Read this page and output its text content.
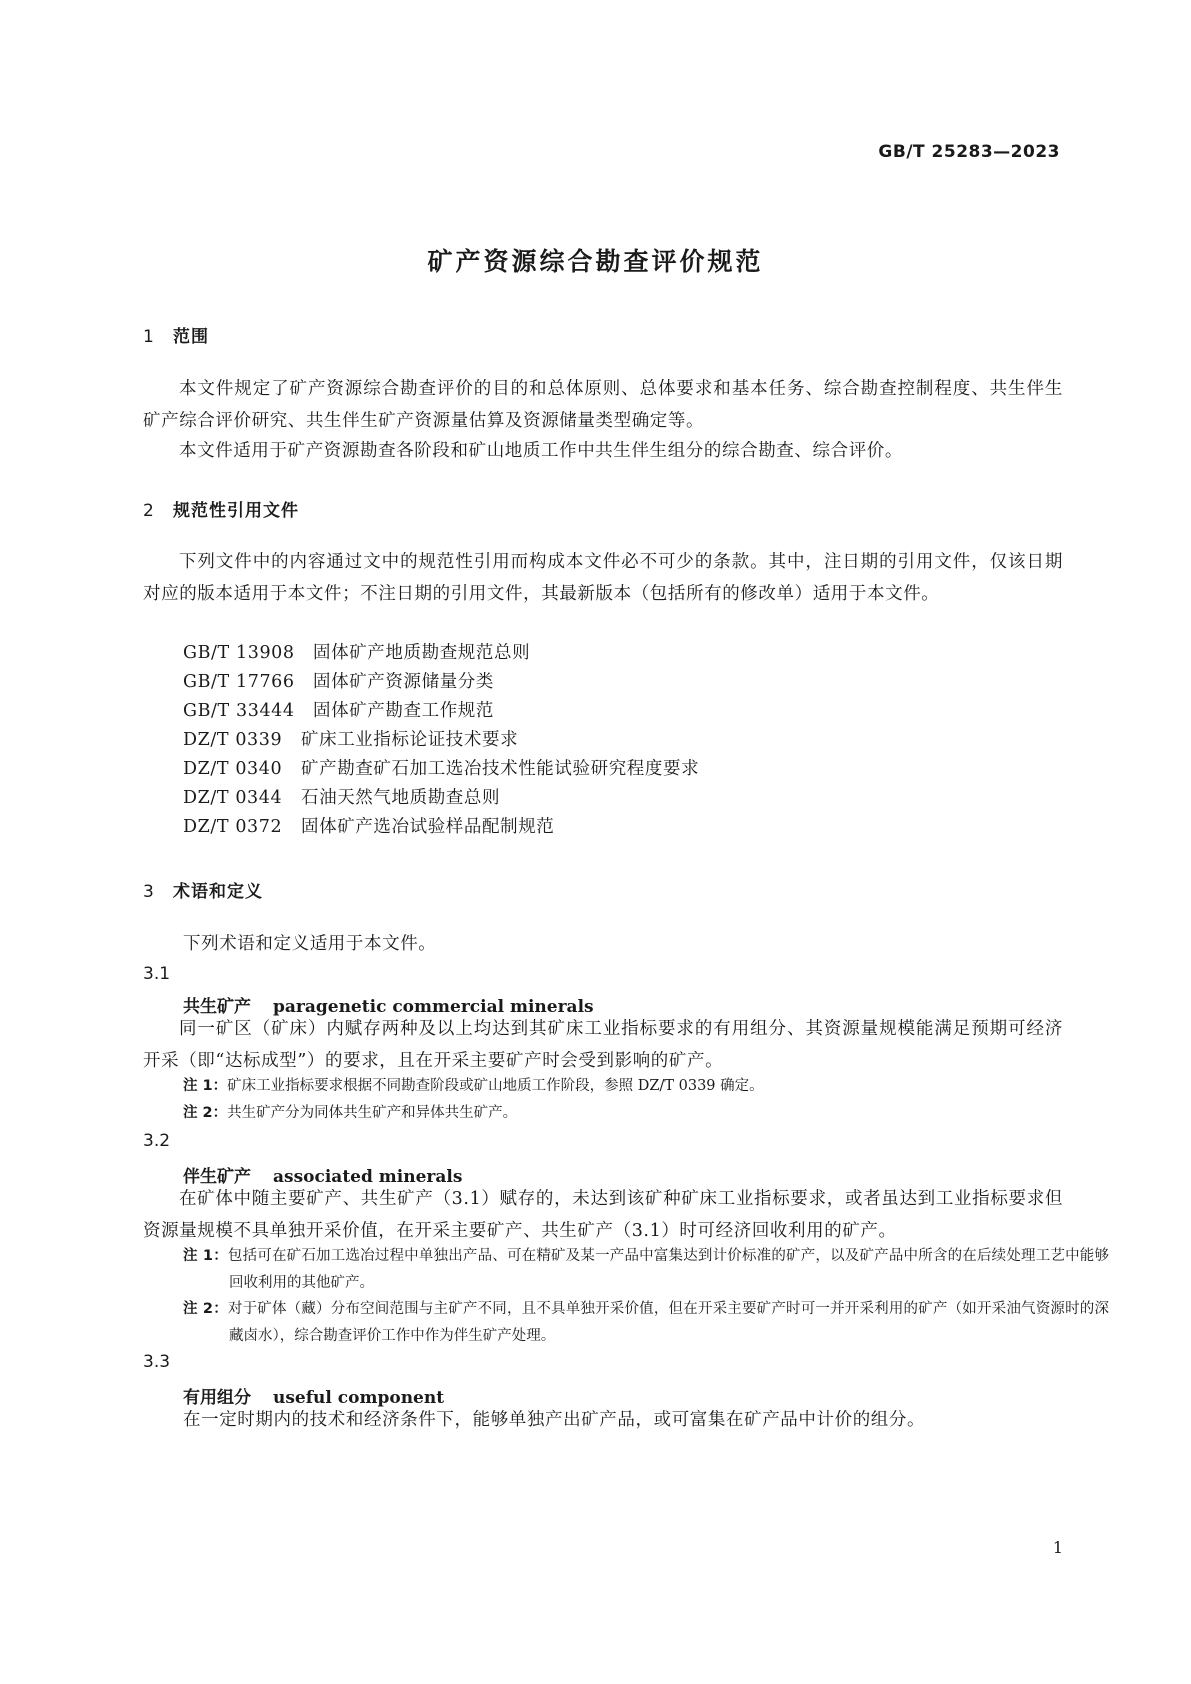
GB/T 25283—2023
矿产资源综合勘查评价规范
1 范围
本文件规定了矿产资源综合勘查评价的目的和总体原则、总体要求和基本任务、综合勘查控制程度、共生伴生矿产综合评价研究、共生伴生矿产资源量估算及资源储量类型确定等。
本文件适用于矿产资源勘查各阶段和矿山地质工作中共生伴生组分的综合勘查、综合评价。
2 规范性引用文件
下列文件中的内容通过文中的规范性引用而构成本文件必不可少的条款。其中，注日期的引用文件，仅该日期对应的版本适用于本文件；不注日期的引用文件，其最新版本（包括所有的修改单）适用于本文件。
GB/T 13908 固体矿产地质勘查规范总则
GB/T 17766 固体矿产资源储量分类
GB/T 33444 固体矿产勘查工作规范
DZ/T 0339 矿床工业指标论证技术要求
DZ/T 0340 矿产勘查矿石加工选冶技术性能试验研究程度要求
DZ/T 0344 石油天然气地质勘查总则
DZ/T 0372 固体矿产选冶试验样品配制规范
3 术语和定义
下列术语和定义适用于本文件。
3.1
共生矿产 paragenetic commercial minerals
同一矿区（矿床）内赋存两种及以上均达到其矿床工业指标要求的有用组分、其资源量规模能满足预期可经济开采（即“达标成型”）的要求，且在开采主要矿产时会受到影响的矿产。
注 1：矿床工业指标要求根据不同勘查阶段或矿山地质工作阶段，参照 DZ/T 0339 确定。
注 2：共生矿产分为同体共生矿产和异体共生矿产。
3.2
伴生矿产 associated minerals
在矿体中随主要矿产、共生矿产（3.1）赋存的，未达到该矿种矿床工业指标要求，或者虽达到工业指标要求但资源量规模不具单独开采价值，在开采主要矿产、共生矿产（3.1）时可经济回收利用的矿产。
注 1：包括可在矿石加工选冶过程中单独出产品、可在精矿及某一产品中富集达到计价标准的矿产，以及矿产品中所含的在后续处理工艺中能够回收利用的其他矿产。
注 2：对于矿体（藏）分布空间范围与主矿产不同，且不具单独开采价值，但在开采主要矿产时可一并开采利用的矿产（如开采油气资源时的深藏卤水），综合勘查评价工作中作为伴生矿产处理。
3.3
有用组分 useful component
在一定时期内的技术和经济条件下，能够单独产出矿产品，或可富集在矿产品中计价的组分。
1
